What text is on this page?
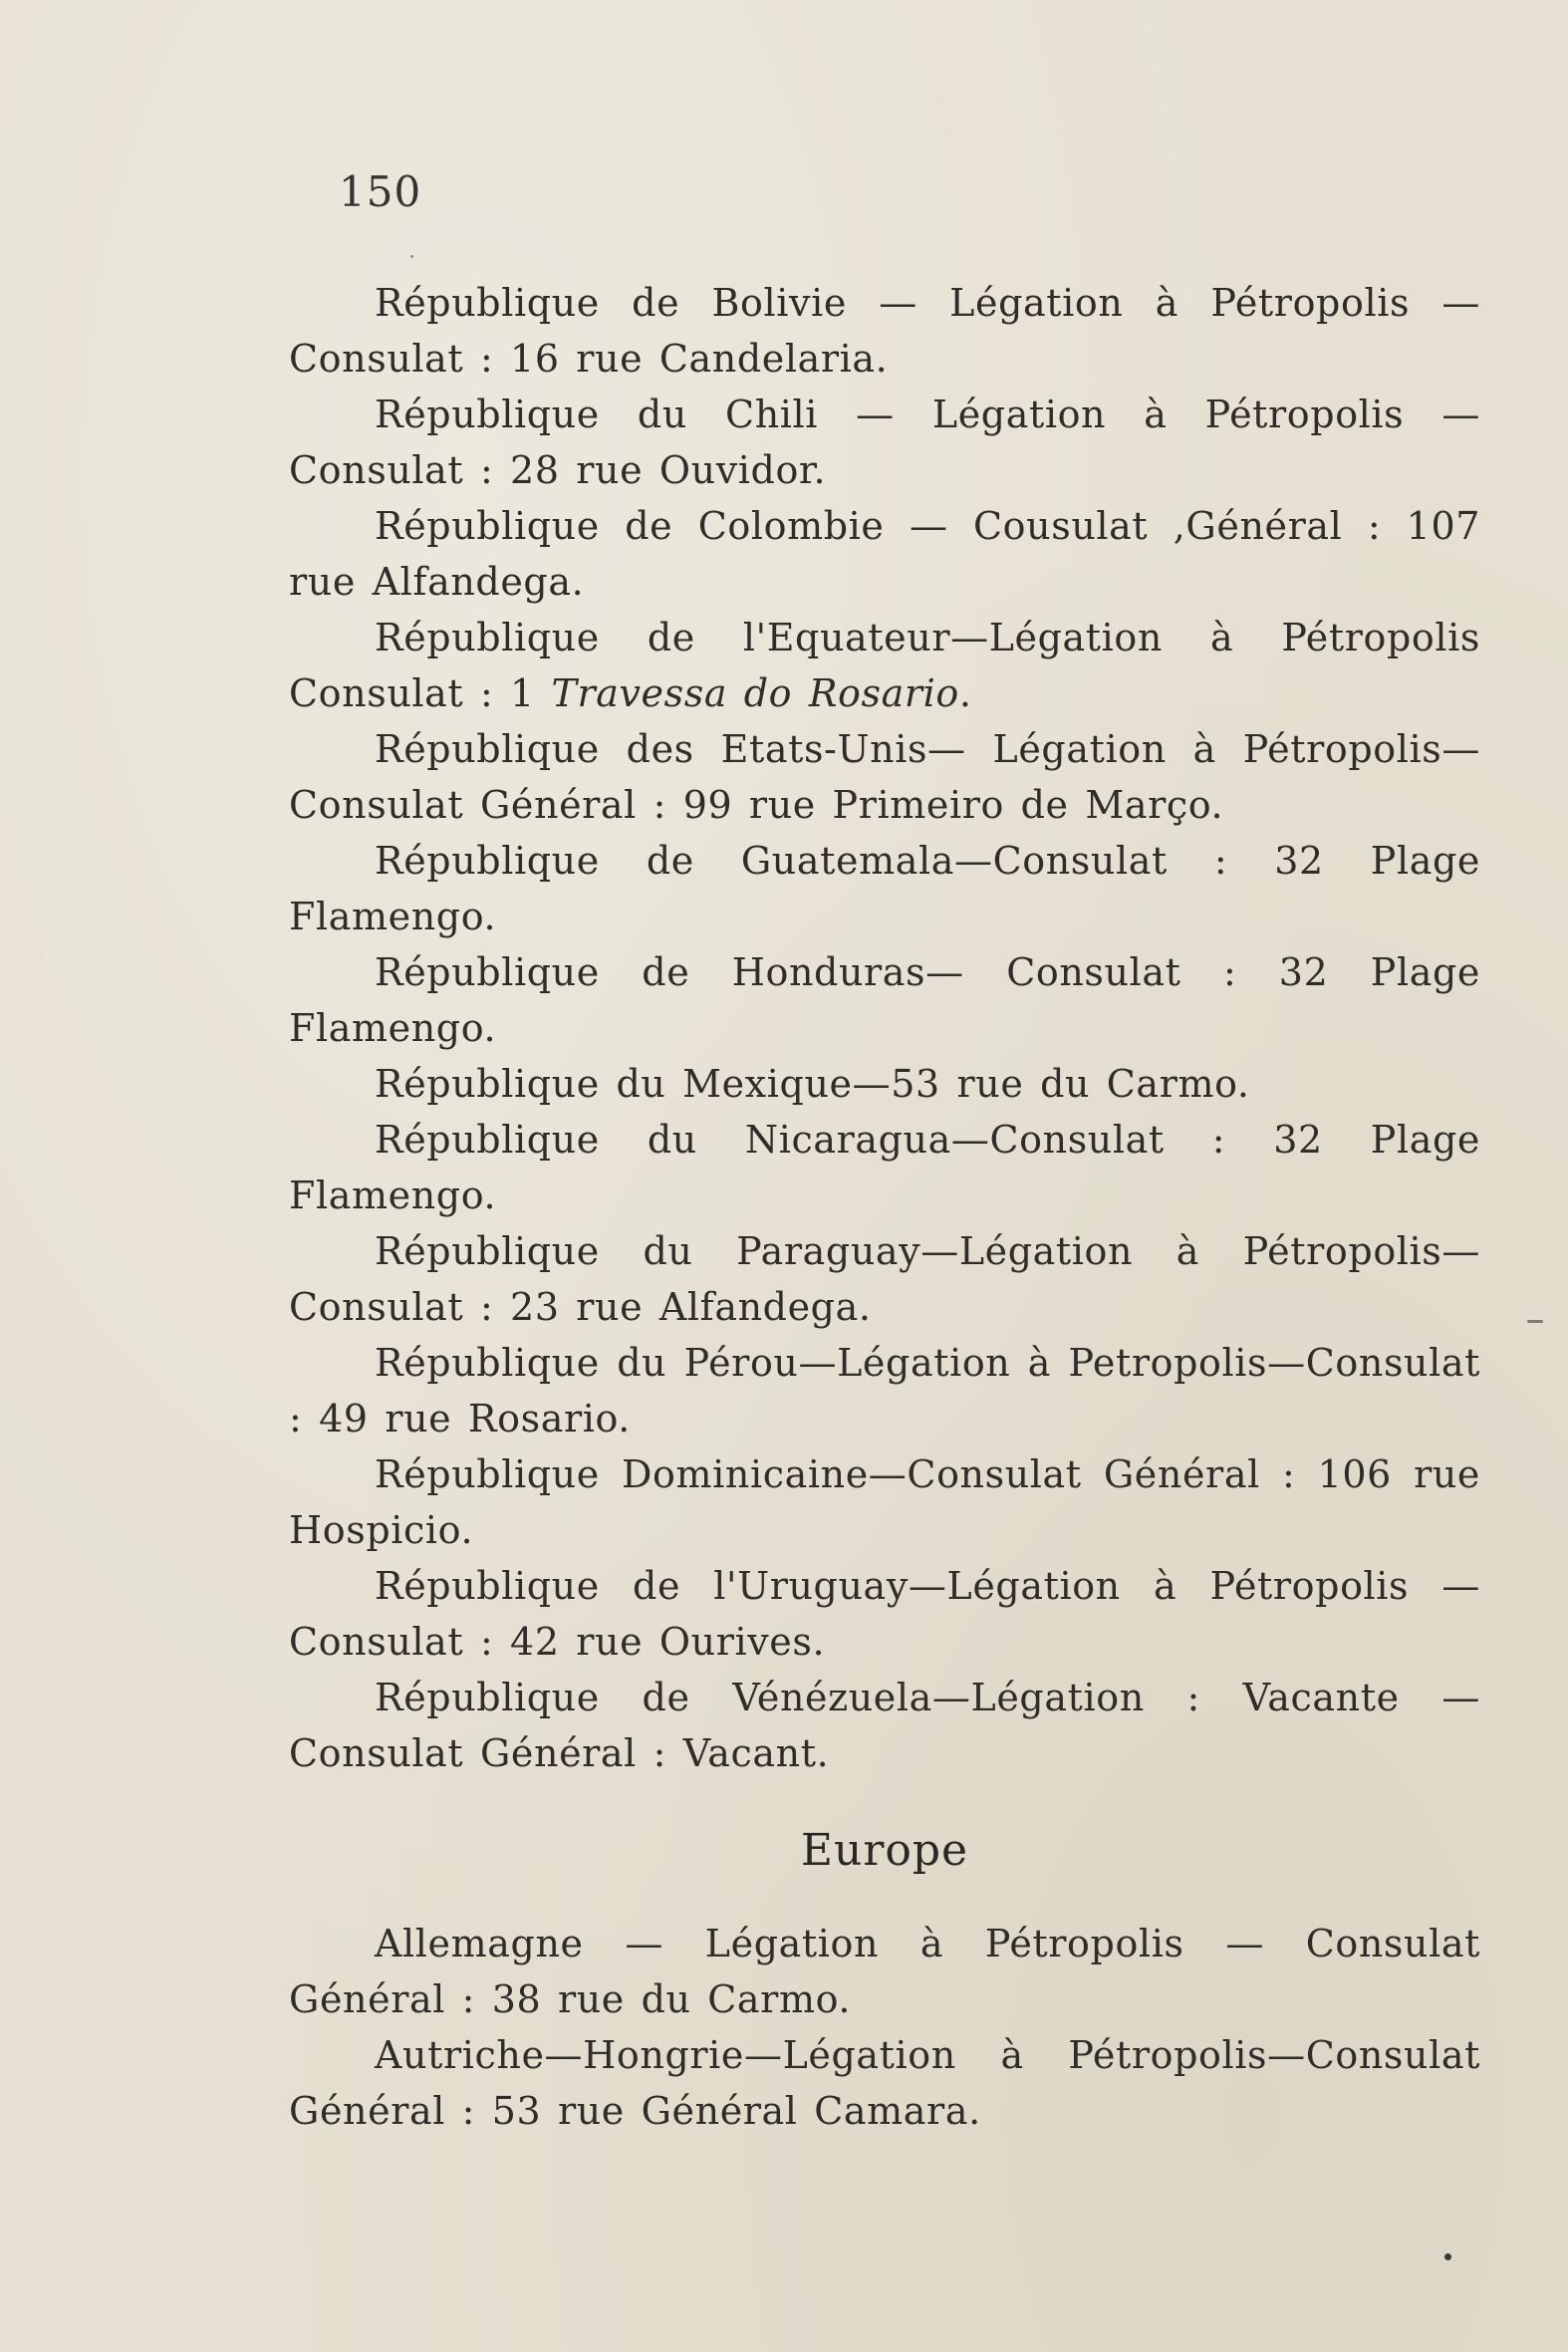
150

République de Bolivie — Légation à Pétropolis —Consulat : 16 rue Candelaria.

République du Chili — Légation à Pétropolis — Consulat : 28 rue Ouvidor.

République de Colombie — Cousulat ,Général : 107 rue Alfandega.

République de l'Equateur—Légation à Pétropolis Consulat : 1 Travessa do Rosario.

République des Etats-Unis— Légation à Pétropolis—Consulat Général : 99 rue Primeiro de Março.

République de Guatemala—Consulat : 32 Plage Flamengo.

République de Honduras— Consulat : 32 Plage Flamengo.

République du Mexique—53 rue du Carmo.

République du Nicaragua—Consulat : 32 Plage Flamengo.

République du Paraguay—Légation à Pétropolis—Consulat : 23 rue Alfandega.

République du Pérou—Légation à Petropolis—Consulat : 49 rue Rosario.

République Dominicaine—Consulat Général : 106 rue Hospicio.

République de l'Uruguay—Légation à Pétropolis —Consulat : 42 rue Ourives.

République de Vénézuela—Légation : Vacante —Consulat Général : Vacant.

Europe

Allemagne — Légation à Pétropolis — Consulat Général : 38 rue du Carmo.

Autriche—Hongrie—Légation à Pétropolis—Consulat Général : 53 rue Général Camara.
